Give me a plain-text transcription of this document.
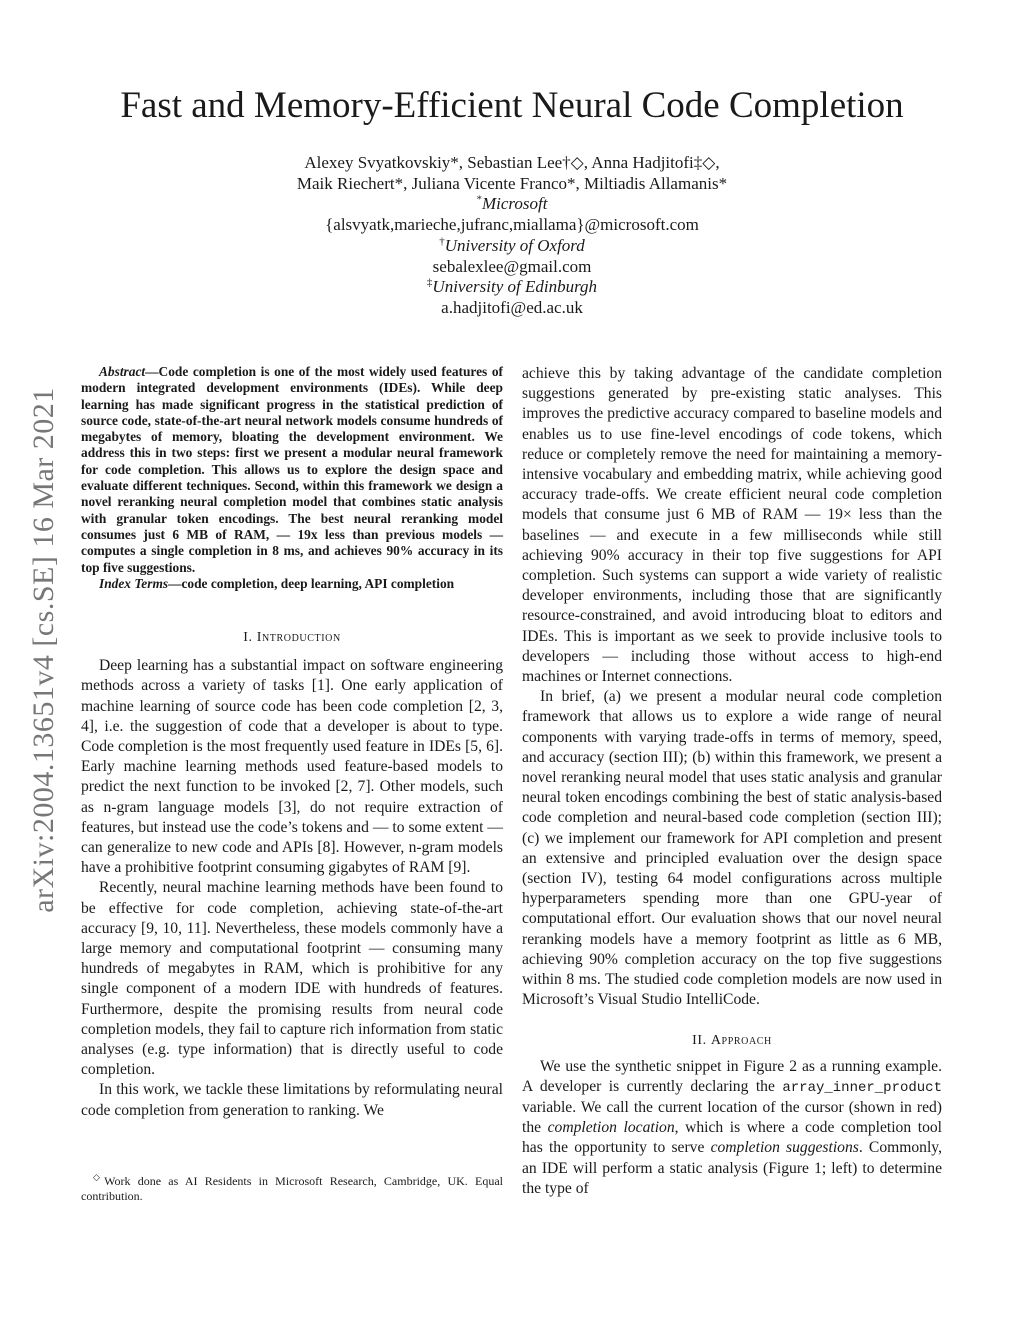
Fast and Memory-Efficient Neural Code Completion
Alexey Svyatkovskiy*, Sebastian Lee†◇, Anna Hadjitofi‡◇,
Maik Riechert*, Juliana Vicente Franco*, Miltiadis Allamanis*
*Microsoft
{alsvyatk,marieche,jufranc,miallama}@microsoft.com
†University of Oxford
sebalexlee@gmail.com
‡University of Edinburgh
a.hadjitofi@ed.ac.uk
arXiv:2004.13651v4 [cs.SE] 16 Mar 2021

Abstract—Code completion is one of the most widely used features of modern integrated development environments (IDEs). While deep learning has made significant progress in the statistical prediction of source code, state-of-the-art neural network models consume hundreds of megabytes of memory, bloating the development environment. We address this in two steps: first we present a modular neural framework for code completion. This allows us to explore the design space and evaluate different techniques. Second, within this framework we design a novel reranking neural completion model that combines static analysis with granular token encodings. The best neural reranking model consumes just 6 MB of RAM, — 19x less than previous models — computes a single completion in 8 ms, and achieves 90% accuracy in its top five suggestions.

Index Terms—code completion, deep learning, API completion

I. Introduction

Deep learning has a substantial impact on software engineering methods across a variety of tasks [1]. One early application of machine learning of source code has been code completion [2, 3, 4], i.e. the suggestion of code that a developer is about to type. Code completion is the most frequently used feature in IDEs [5, 6]. Early machine learning methods used feature-based models to predict the next function to be invoked [2, 7]. Other models, such as n-gram language models [3], do not require extraction of features, but instead use the code’s tokens and — to some extent — can generalize to new code and APIs [8]. However, n-gram models have a prohibitive footprint consuming gigabytes of RAM [9].

Recently, neural machine learning methods have been found to be effective for code completion, achieving state-of-the-art accuracy [9, 10, 11]. Nevertheless, these models commonly have a large memory and computational footprint — consuming many hundreds of megabytes in RAM, which is prohibitive for any single component of a modern IDE with hundreds of features. Furthermore, despite the promising results from neural code completion models, they fail to capture rich information from static analyses (e.g. type information) that is directly useful to code completion.

In this work, we tackle these limitations by reformulating neural code completion from generation to ranking. We

achieve this by taking advantage of the candidate completion suggestions generated by pre-existing static analyses. This improves the predictive accuracy compared to baseline models and enables us to use fine-level encodings of code tokens, which reduce or completely remove the need for maintaining a memory-intensive vocabulary and embedding matrix, while achieving good accuracy trade-offs. We create efficient neural code completion models that consume just 6 MB of RAM — 19× less than the baselines — and execute in a few milliseconds while still achieving 90% accuracy in their top five suggestions for API completion. Such systems can support a wide variety of realistic developer environments, including those that are significantly resource-constrained, and avoid introducing bloat to editors and IDEs. This is important as we seek to provide inclusive tools to developers — including those without access to high-end machines or Internet connections.

In brief, (a) we present a modular neural code completion framework that allows us to explore a wide range of neural components with varying trade-offs in terms of memory, speed, and accuracy (section III); (b) within this framework, we present a novel reranking neural model that uses static analysis and granular neural token encodings combining the best of static analysis-based code completion and neural-based code completion (section III); (c) we implement our framework for API completion and present an extensive and principled evaluation over the design space (section IV), testing 64 model configurations across multiple hyperparameters spending more than one GPU-year of computational effort. Our evaluation shows that our novel neural reranking models have a memory footprint as little as 6 MB, achieving 90% completion accuracy on the top five suggestions within 8 ms. The studied code completion models are now used in Microsoft’s Visual Studio IntelliCode.

II. Approach

We use the synthetic snippet in Figure 2 as a running example. A developer is currently declaring the array_inner_product variable. We call the current location of the cursor (shown in red) the completion location, which is where a code completion tool has the opportunity to serve completion suggestions. Commonly, an IDE will perform a static analysis (Figure 1; left) to determine the type of

◇Work done as AI Residents in Microsoft Research, Cambridge, UK. Equal contribution.
